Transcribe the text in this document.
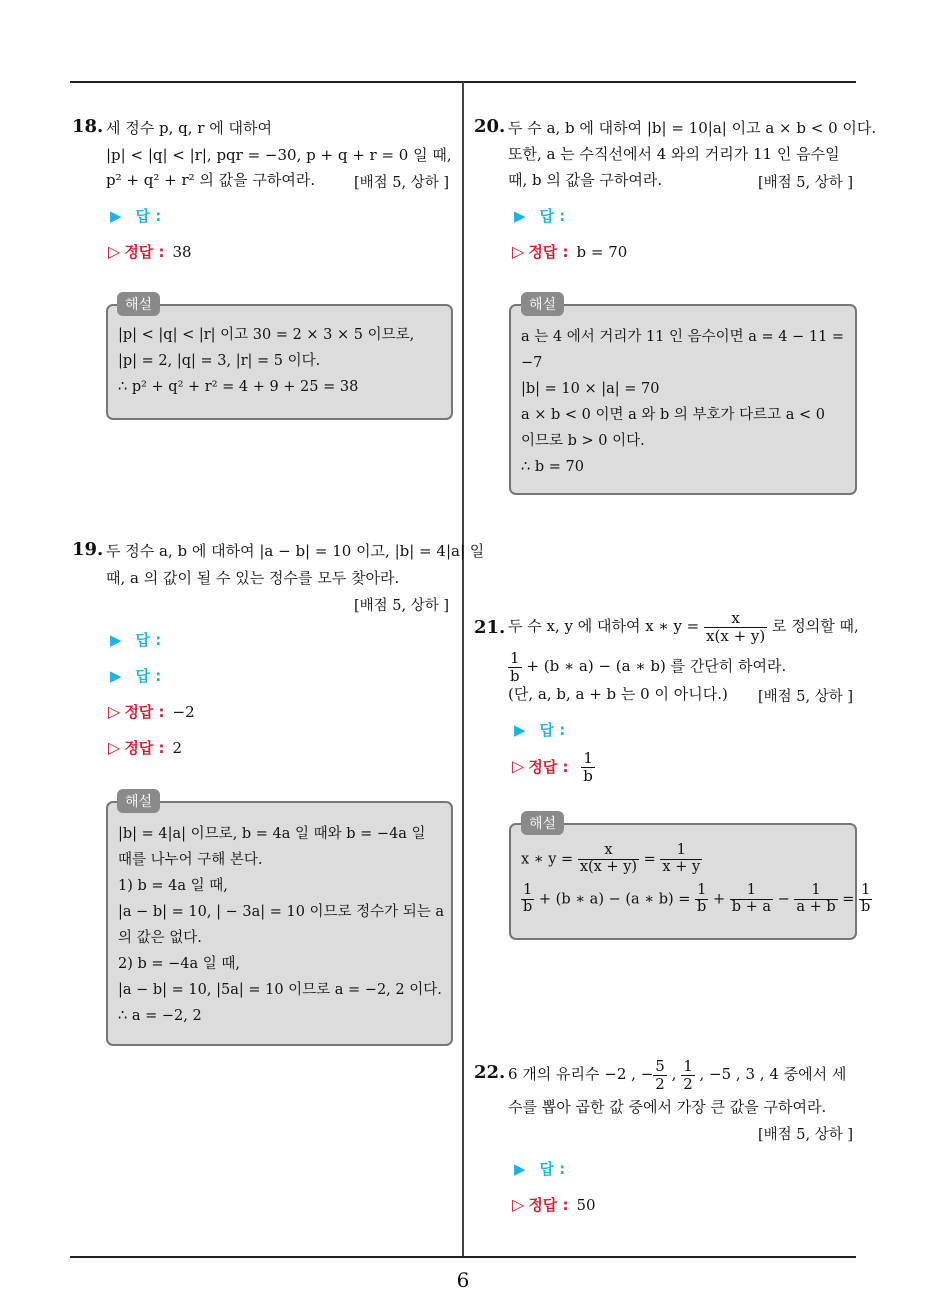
6
18. 세 정수 p, q, r 에 대하여
|p| < |q| < |r|, pqr = −30, p + q + r = 0 일 때,
p² + q² + r² 의 값을 구하여라.	[배점 5, 상하 ]
▶ 답 :
▷ 정답 : 38
|p| < |q| < |r| 이고 30 = 2 × 3 × 5 이므로,
|p| = 2, |q| = 3, |r| = 5 이다.
∴ p² + q² + r² = 4 + 9 + 25 = 38
해설
19. 두 정수 a, b 에 대하여 |a − b| = 10 이고, |b| = 4|a| 일
때, a 의 값이 될 수 있는 정수를 모두 찾아라.
[배점 5, 상하 ]
▶ 답 :
▶ 답 :
▷ 정답 : −2
▷ 정답 : 2
|b| = 4|a| 이므로, b = 4a 일 때와 b = −4a 일
때를 나누어 구해 본다.
1) b = 4a 일 때,
|a − b| = 10, | − 3a| = 10 이므로 정수가 되는 a
의 값은 없다.
2) b = −4a 일 때,
|a − b| = 10, |5a| = 10 이므로 a = −2, 2 이다.
∴ a = −2, 2
해설
20. 두 수 a, b 에 대하여 |b| = 10|a| 이고 a × b < 0 이다.
또한, a 는 수직선에서 4 와의 거리가 11 인 음수일
때, b 의 값을 구하여라.	[배점 5, 상하 ]
▶ 답 :
▷ 정답 : b = 70
a 는 4 에서 거리가 11 인 음수이면 a = 4 − 11 =
−7
|b| = 10 × |a| = 70
a × b < 0 이면 a 와 b 의 부호가 다르고 a < 0
이므로 b > 0 이다.
∴ b = 70
해설
21. 두 수 x, y 에 대하여 x ∗ $y = \frac{x}{x(x + y)}$ 로 정의할 때,
$\frac{1}{b} + (b$ ∗ a) − (a ∗ b) 를 간단히 하여라.
(단, a, b, a + b 는 0 이 아니다.) [배점 5, 상하 ]
▶ 답 :
▷ 정답 : $\frac{1}{b}$
x ∗ $y = \frac{x}{x(x + y)} = \frac{1}{x + y}$
$\frac{1}{b} + (b$ ∗ a) − (a ∗ $b) = \frac{1}{b} + \frac{1}{b + a} - \frac{1}{a + b} = \frac{1}{b}$
해설
22. 6 개의 유리수 −2 , − $\frac{5}{2}$ , $\frac{1}{2}$ , −5 , 3 , 4 중에서 세
수를 뽑아 곱한 값 중에서 가장 큰 값을 구하여라.
[배점 5, 상하 ]
▶ 답 :
▷ 정답 : 50
